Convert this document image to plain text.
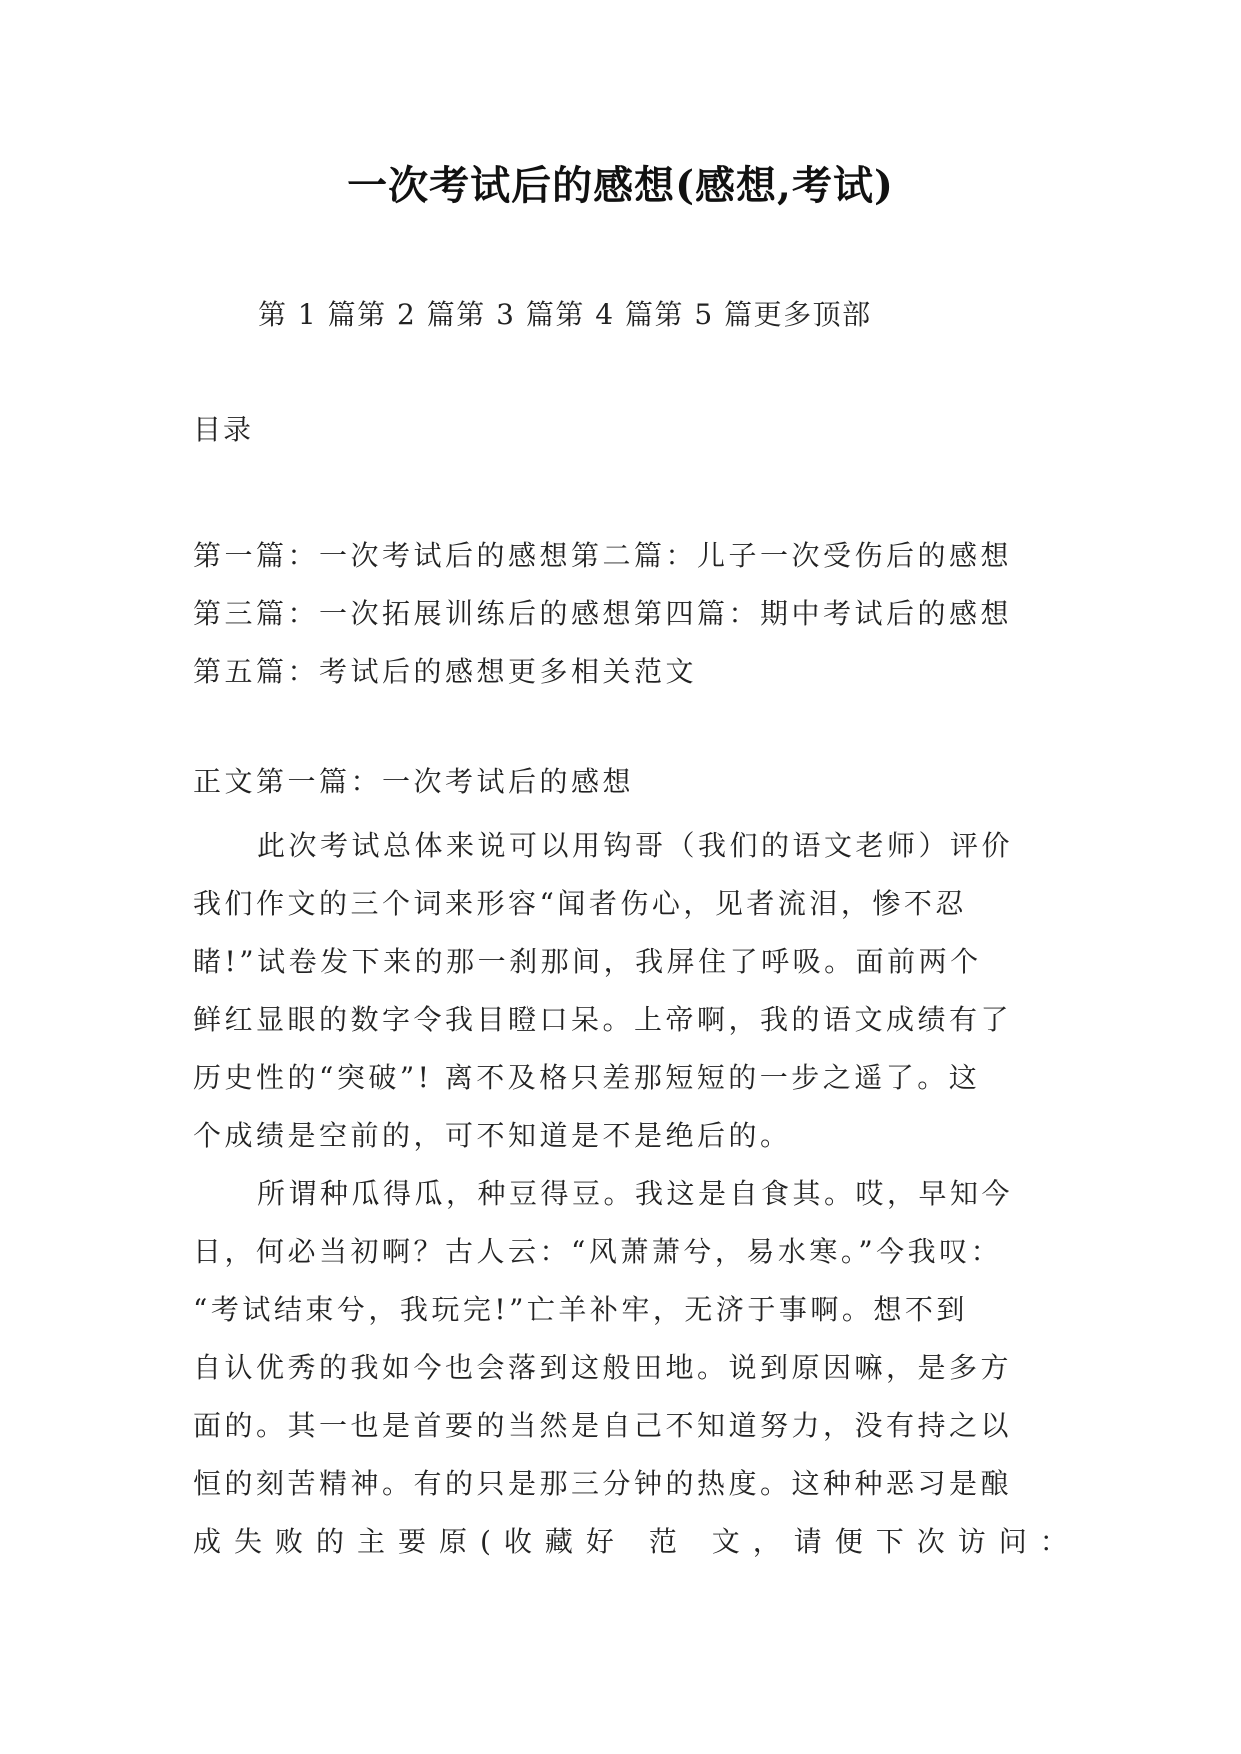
一次考试后的感想(感想,考试)
第 1 篇第 2 篇第 3 篇第 4 篇第 5 篇更多顶部
目录
第一篇：一次考试后的感想第二篇：儿子一次受伤后的感想
第三篇：一次拓展训练后的感想第四篇：期中考试后的感想
第五篇：考试后的感想更多相关范文
正文第一篇：一次考试后的感想
此次考试总体来说可以用钩哥（我们的语文老师）评价
我们作文的三个词来形容“闻者伤心，见者流泪，惨不忍
睹!”试卷发下来的那一刹那间，我屏住了呼吸。面前两个
鲜红显眼的数字令我目瞪口呆。上帝啊，我的语文成绩有了
历史性的“突破”! 离不及格只差那短短的一步之遥了。这
个成绩是空前的，可不知道是不是绝后的。
所谓种瓜得瓜，种豆得豆。我这是自食其。哎，早知今
日，何必当初啊？古人云：“风萧萧兮，易水寒。”今我叹：
“考试结束兮，我玩完!”亡羊补牢，无济于事啊。想不到
自认优秀的我如今也会落到这般田地。说到原因嘛，是多方
面的。其一也是首要的当然是自己不知道努力，没有持之以
恒的刻苦精神。有的只是那三分钟的热度。这种种恶习是酿
成失败的主要原(收藏好 范 文，请便下次访问：
